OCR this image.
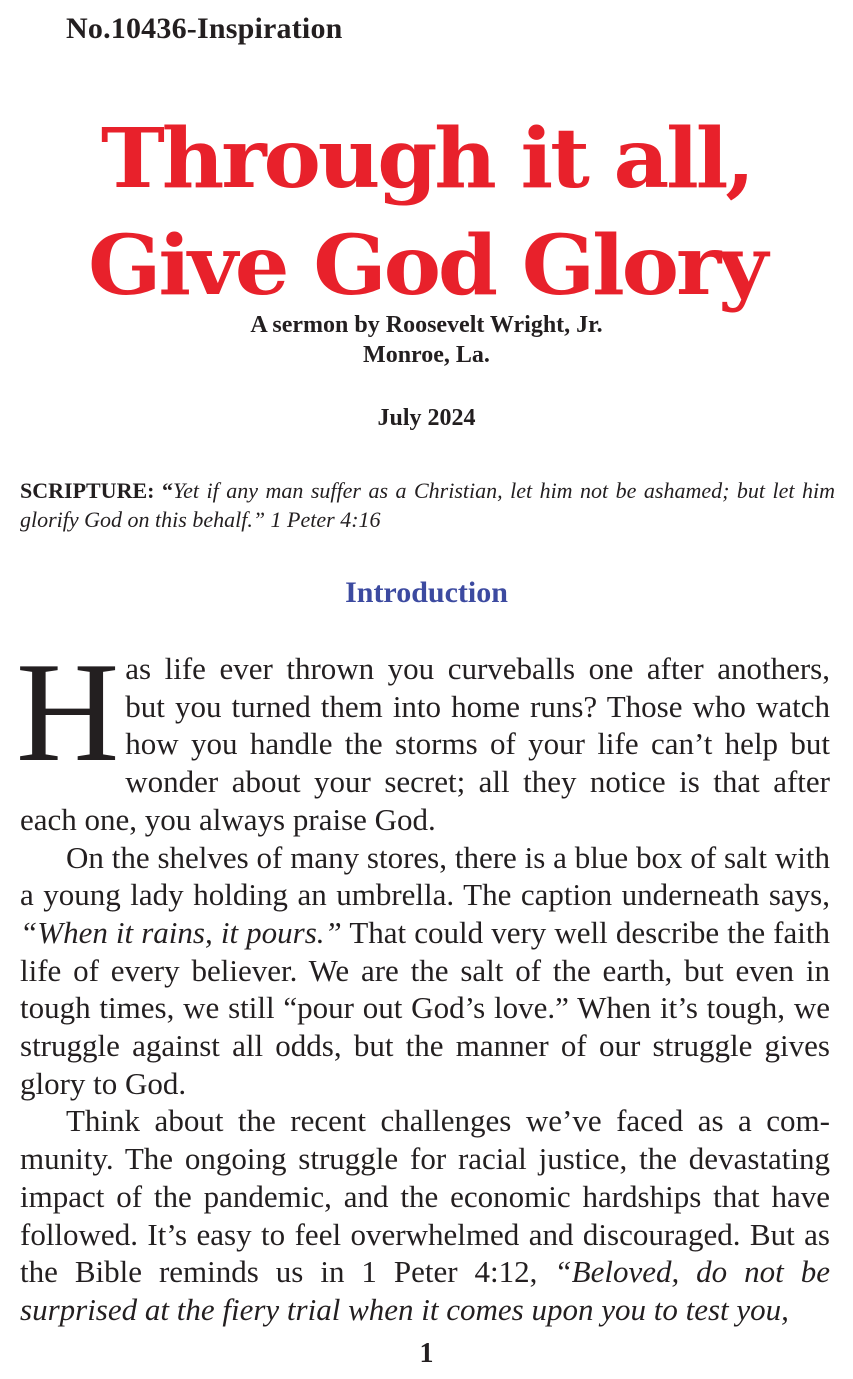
No.10436-Inspiration
Through it all,
Give God Glory
A sermon by Roosevelt Wright, Jr.
Monroe, La.
July 2024
SCRIPTURE: “Yet if any man suffer as a Christian, let him not be ashamed; but let him glorify God on this behalf.” 1 Peter 4:16
Introduction

Has life ever thrown you curveballs one after anothers, but you turned them into home runs? Those who watch how you handle the storms of your life can’t help but wonder about your secret; all they notice is that after each one, you always praise God.

On the shelves of many stores, there is a blue box of salt with a young lady holding an umbrella. The caption underneath says, “When it rains, it pours.” That could very well describe the faith life of every believer. We are the salt of the earth, but even in tough times, we still “pour out God’s love.” When it’s tough, we struggle against all odds, but the manner of our struggle gives glory to God.

Think about the recent challenges we’ve faced as a community. The ongoing struggle for racial justice, the devastating impact of the pandemic, and the economic hardships that have followed. It’s easy to feel overwhelmed and discouraged. But as the Bible reminds us in 1 Peter 4:12, “Beloved, do not be surprised at the fiery trial when it comes upon you to test you,

1
